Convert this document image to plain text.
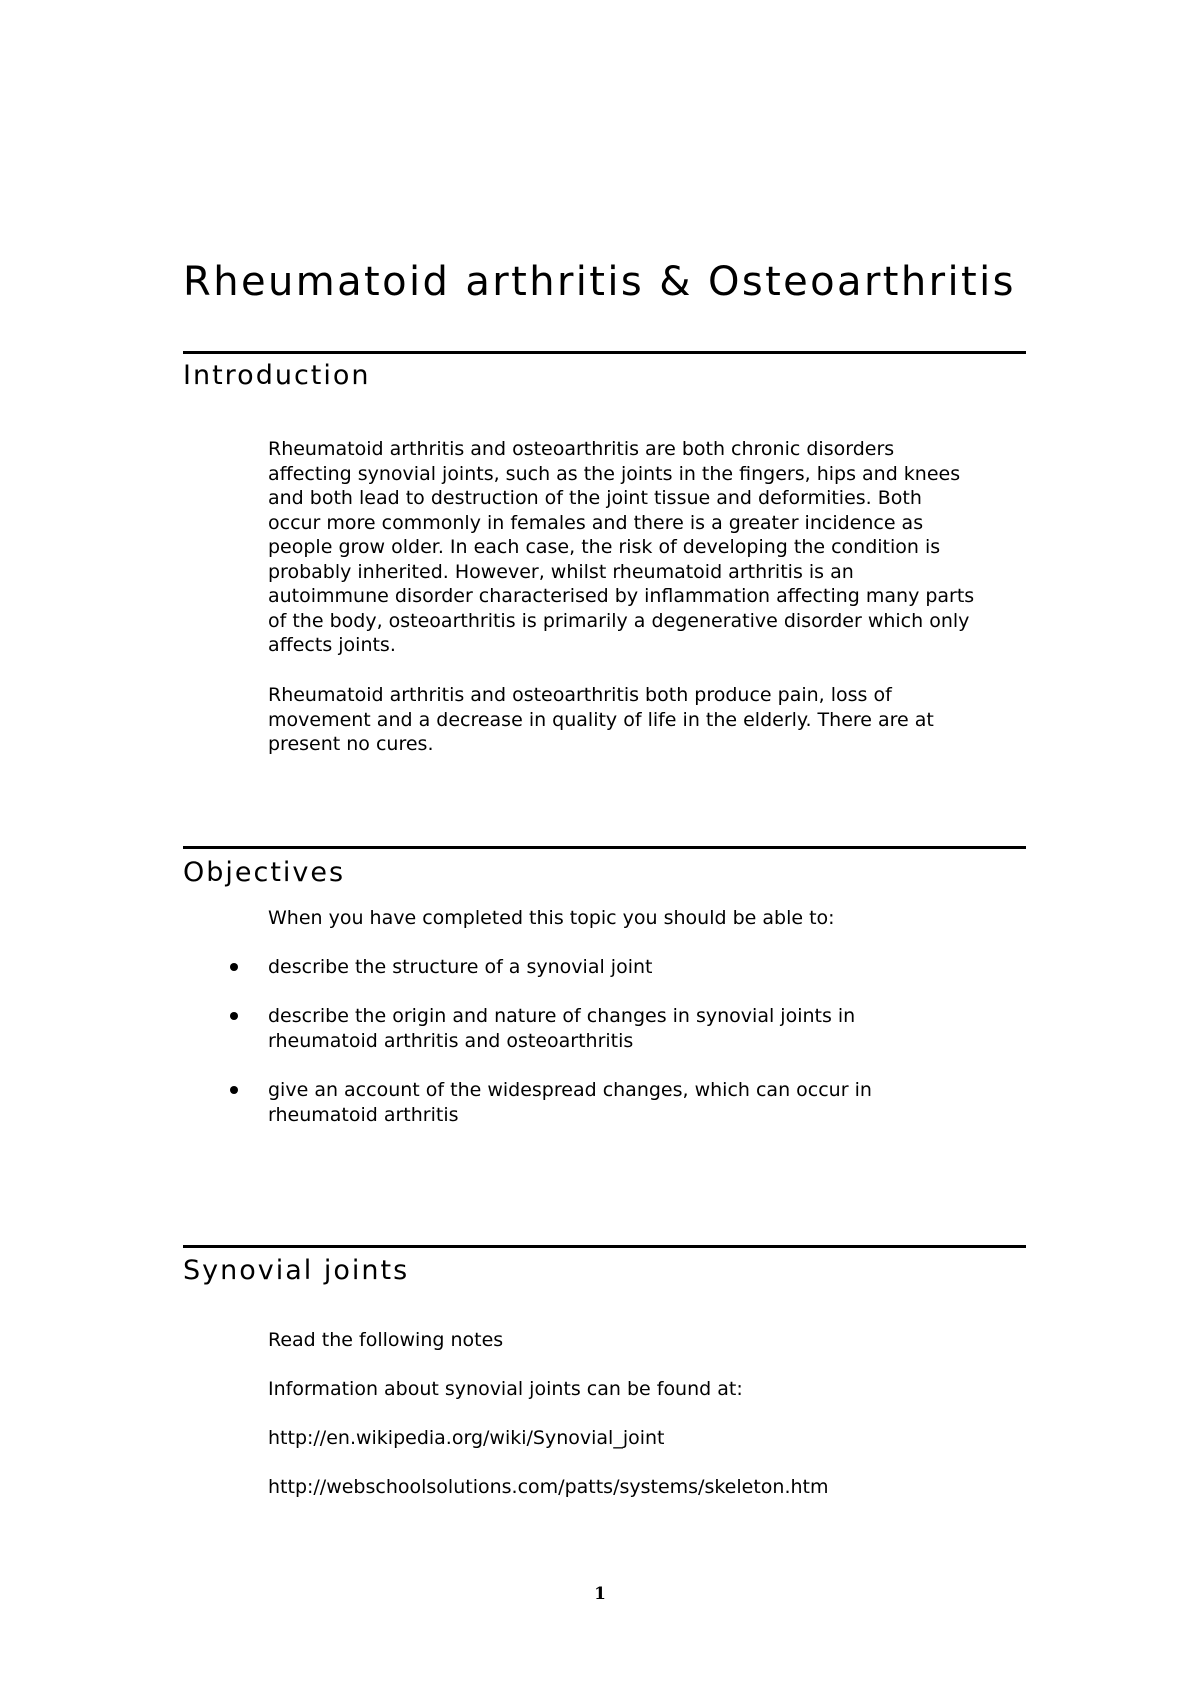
Rheumatoid arthritis & Osteoarthritis
Introduction

Rheumatoid arthritis and osteoarthritis are both chronic disorders
affecting synovial joints, such as the joints in the fingers, hips and knees
and both lead to destruction of the joint tissue and deformities. Both
occur more commonly in females and there is a greater incidence as
people grow older. In each case, the risk of developing the condition is
probably inherited. However, whilst rheumatoid arthritis is an
autoimmune disorder characterised by inflammation affecting many parts
of the body, osteoarthritis is primarily a degenerative disorder which only
affects joints.

Rheumatoid arthritis and osteoarthritis both produce pain, loss of
movement and a decrease in quality of life in the elderly. There are at
present no cures.

Objectives

When you have completed this topic you should be able to:

describe the structure of a synovial joint

describe the origin and nature of changes in synovial joints in
rheumatoid arthritis and osteoarthritis

give an account of the widespread changes, which can occur in
rheumatoid arthritis

Synovial joints

Read the following notes

Information about synovial joints can be found at:

http://en.wikipedia.org/wiki/Synovial_joint

http://webschoolsolutions.com/patts/systems/skeleton.htm

1
